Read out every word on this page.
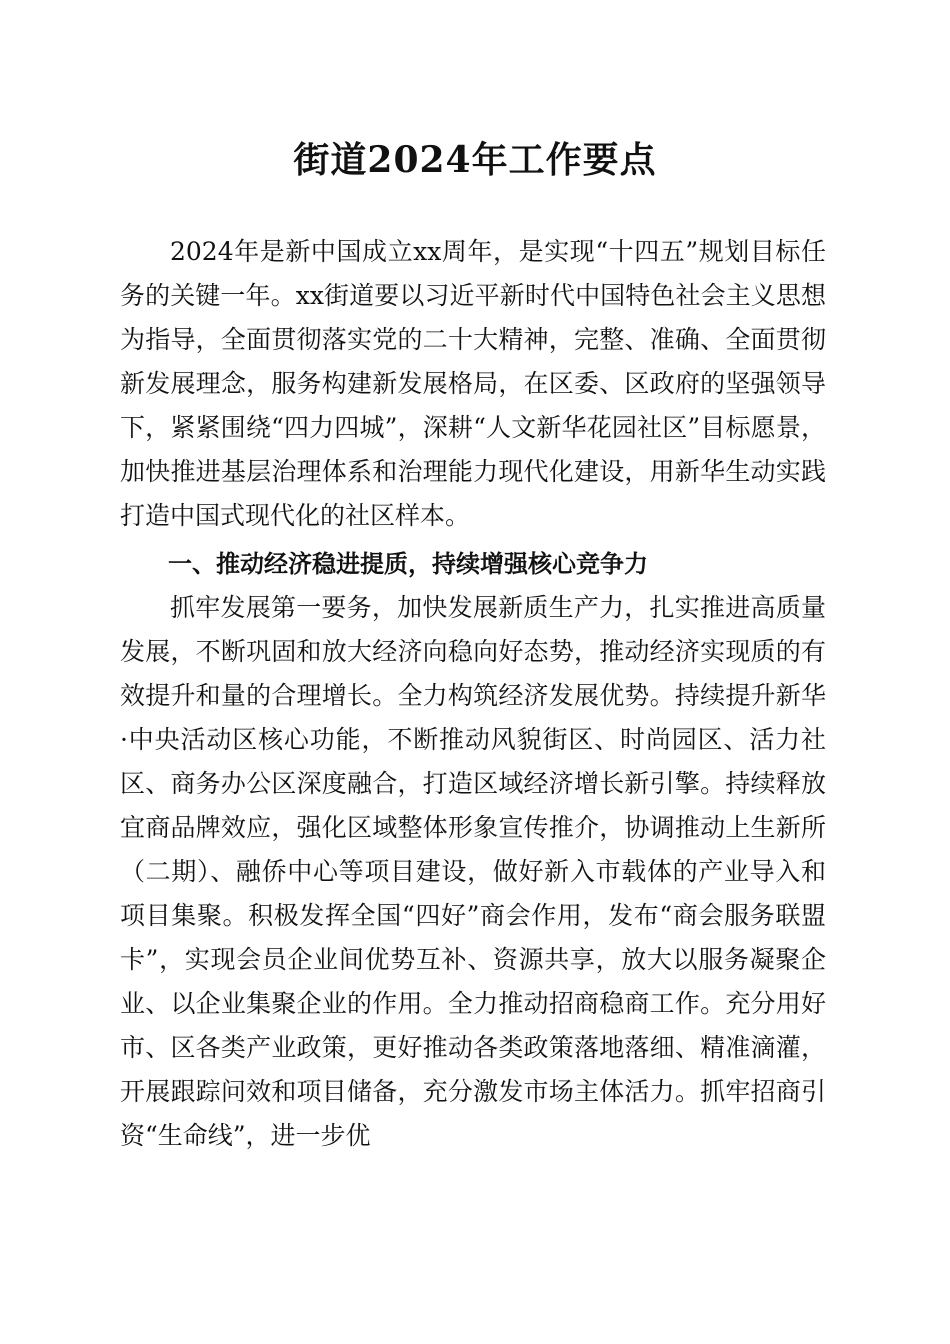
街道2024年工作要点

2024年是新中国成立xx周年，是实现“十四五”规划目标任务的关键一年。xx街道要以习近平新时代中国特色社会主义思想为指导，全面贯彻落实党的二十大精神，完整、准确、全面贯彻新发展理念，服务构建新发展格局，在区委、区政府的坚强领导下，紧紧围绕“四力四城”，深耕“人文新华花园社区”目标愿景，加快推进基层治理体系和治理能力现代化建设，用新华生动实践打造中国式现代化的社区样本。

一、推动经济稳进提质，持续增强核心竞争力

抓牢发展第一要务，加快发展新质生产力，扎实推进高质量发展，不断巩固和放大经济向稳向好态势，推动经济实现质的有效提升和量的合理增长。全力构筑经济发展优势。持续提升新华·中央活动区核心功能，不断推动风貌街区、时尚园区、活力社区、商务办公区深度融合，打造区域经济增长新引擎。持续释放宜商品牌效应，强化区域整体形象宣传推介，协调推动上生新所（二期）、融侨中心等项目建设，做好新入市载体的产业导入和项目集聚。积极发挥全国“四好”商会作用，发布“商会服务联盟卡”，实现会员企业间优势互补、资源共享，放大以服务凝聚企业、以企业集聚企业的作用。全力推动招商稳商工作。充分用好市、区各类产业政策，更好推动各类政策落地落细、精准滴灌，开展跟踪问效和项目储备，充分激发市场主体活力。抓牢招商引资“生命线”，进一步优
